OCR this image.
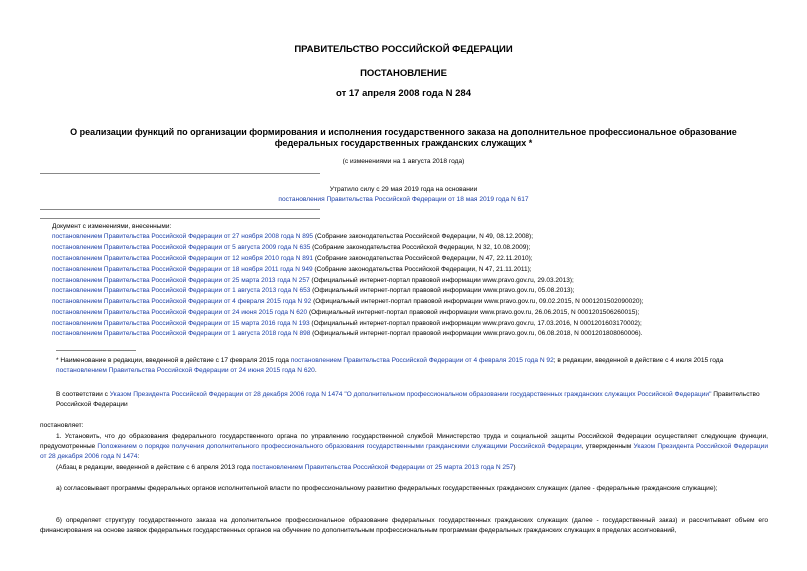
ПРАВИТЕЛЬСТВО РОССИЙСКОЙ ФЕДЕРАЦИИ
ПОСТАНОВЛЕНИЕ
от 17 апреля 2008 года N 284
О реализации функций по организации формирования и исполнения государственного заказа на дополнительное профессиональное образование федеральных государственных гражданских служащих *
(с изменениями на 1 августа 2018 года)
Утратило силу с 29 мая 2019 года на основании
постановления Правительства Российской Федерации от 18 мая 2019 года N 617
Документ с изменениями, внесенными:
постановлением Правительства Российской Федерации от 27 ноября 2008 года N 895 (Собрание законодательства Российской Федерации, N 49, 08.12.2008);
постановлением Правительства Российской Федерации от 5 августа 2009 года N 635 (Собрание законодательства Российской Федерации, N 32, 10.08.2009);
постановлением Правительства Российской Федерации от 12 ноября 2010 года N 891 (Собрание законодательства Российской Федерации, N 47, 22.11.2010);
постановлением Правительства Российской Федерации от 18 ноября 2011 года N 949 (Собрание законодательства Российской Федерации, N 47, 21.11.2011);
постановлением Правительства Российской Федерации от 25 марта 2013 года N 257 (Официальный интернет-портал правовой информации www.pravo.gov.ru, 29.03.2013);
постановлением Правительства Российской Федерации от 1 августа 2013 года N 653 (Официальный интернет-портал правовой информации www.pravo.gov.ru, 05.08.2013);
постановлением Правительства Российской Федерации от 4 февраля 2015 года N 92 (Официальный интернет-портал правовой информации www.pravo.gov.ru, 09.02.2015, N 0001201502090020);
постановлением Правительства Российской Федерации от 24 июня 2015 года N 620 (Официальный интернет-портал правовой информации www.pravo.gov.ru, 26.06.2015, N 0001201506260015);
постановлением Правительства Российской Федерации от 15 марта 2016 года N 193 (Официальный интернет-портал правовой информации www.pravo.gov.ru, 17.03.2016, N 0001201603170002);
постановлением Правительства Российской Федерации от 1 августа 2018 года N 898 (Официальный интернет-портал правовой информации www.pravo.gov.ru, 06.08.2018, N 0001201808060006).
* Наименование в редакции, введенной в действие с 17 февраля 2015 года постановлением Правительства Российской Федерации от 4 февраля 2015 года N 92; в редакции, введенной в действие с 4 июля 2015 года постановлением Правительства Российской Федерации от 24 июня 2015 года N 620.
В соответствии с Указом Президента Российской Федерации от 28 декабря 2006 года N 1474 "О дополнительном профессиональном образовании государственных гражданских служащих Российской Федерации" Правительство Российской Федерации
постановляет:
1. Установить, что до образования федерального государственного органа по управлению государственной службой Министерство труда и социальной защиты Российской Федерации осуществляет следующие функции, предусмотренные Положением о порядке получения дополнительного профессионального образования государственными гражданскими служащими Российской Федерации, утвержденным Указом Президента Российской Федерации от 28 декабря 2006 года N 1474:
(Абзац в редакции, введенной в действие с 6 апреля 2013 года постановлением Правительства Российской Федерации от 25 марта 2013 года N 257)
а) согласовывает программы федеральных органов исполнительной власти по профессиональному развитию федеральных государственных гражданских служащих (далее - федеральные гражданские служащие);
б) определяет структуру государственного заказа на дополнительное профессиональное образование федеральных государственных гражданских служащих (далее - государственный заказ) и рассчитывает объем его финансирования на основе заявок федеральных государственных органов на обучение по дополнительным профессиональным программам федеральных гражданских служащих в пределах ассигнований,
